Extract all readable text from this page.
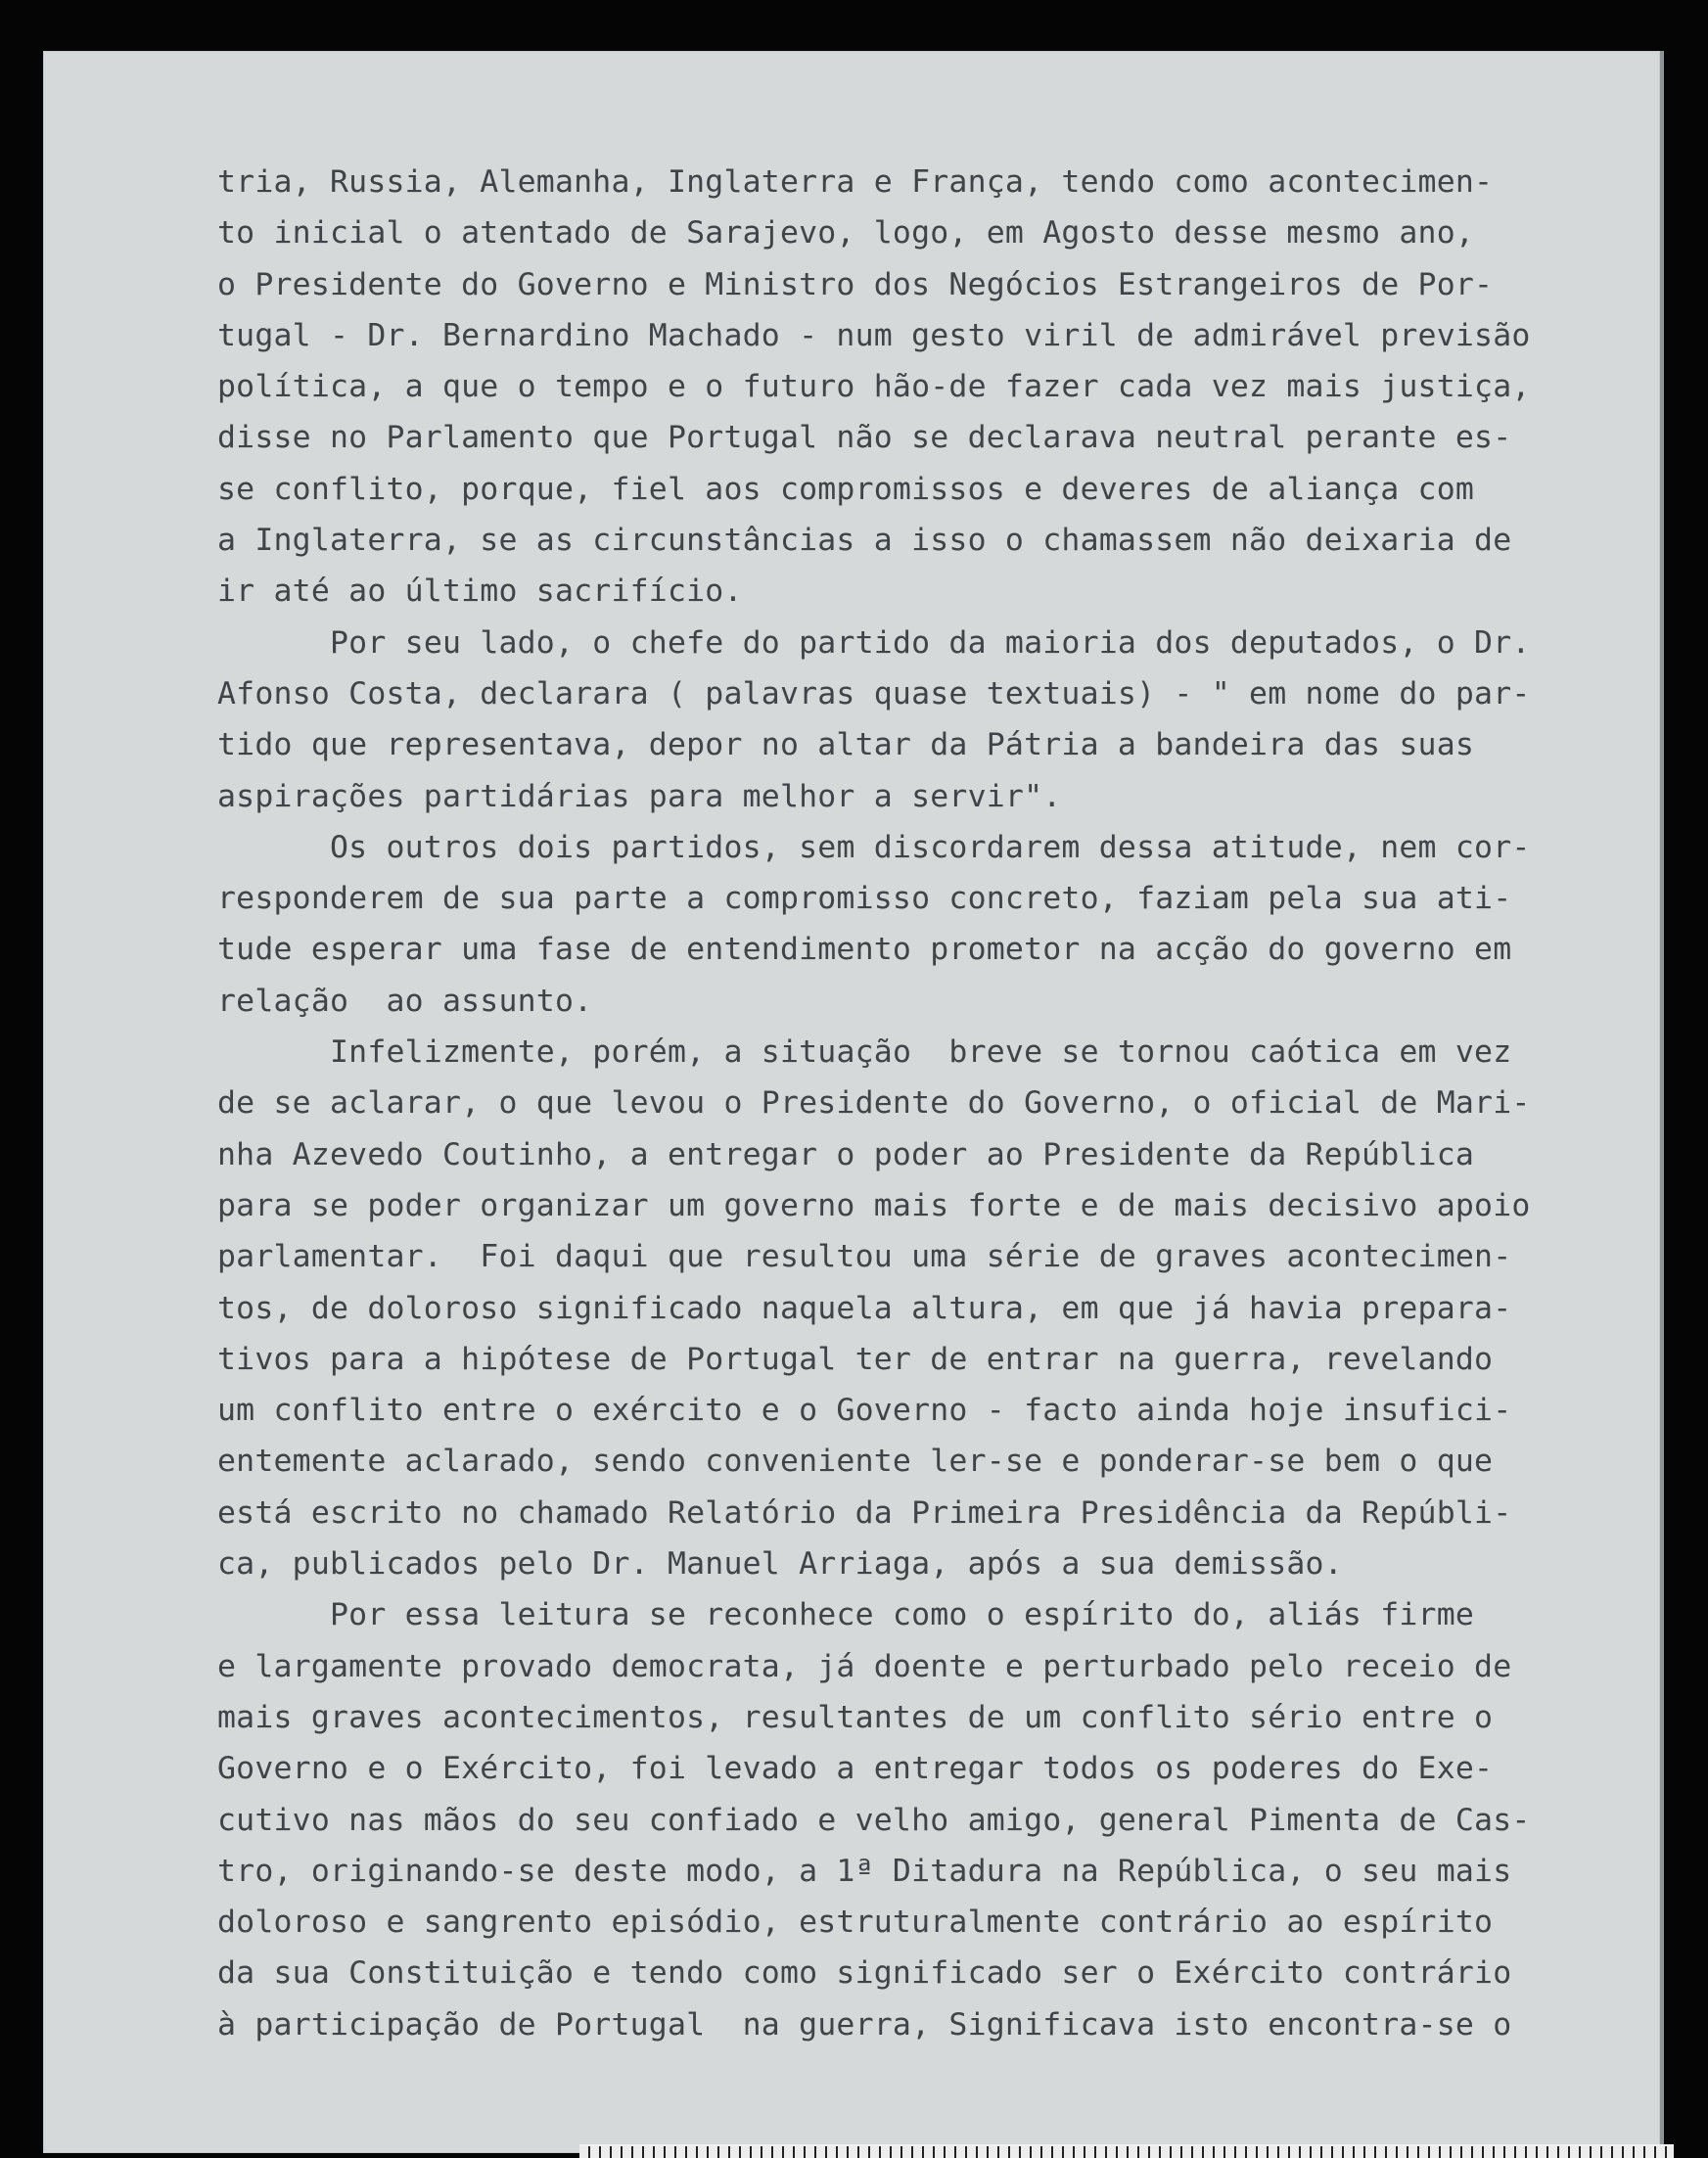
tria, Russia, Alemanha, Inglaterra e França, tendo como acontecimen-
to inicial o atentado de Sarajevo, logo, em Agosto desse mesmo ano,
o Presidente do Governo e Ministro dos Negócios Estrangeiros de Por-
tugal - Dr. Bernardino Machado - num gesto viril de admirável previsão
política, a que o tempo e o futuro hão-de fazer cada vez mais justiça,
disse no Parlamento que Portugal não se declarava neutral perante es-
se conflito, porque, fiel aos compromissos e deveres de aliança com
a Inglaterra, se as circunstâncias a isso o chamassem não deixaria de
ir até ao último sacrifício.
Por seu lado, o chefe do partido da maioria dos deputados, o Dr.
Afonso Costa, declarara ( palavras quase textuais) - " em nome do par-
tido que representava, depor no altar da Pátria a bandeira das suas
aspirações partidárias para melhor a servir".
Os outros dois partidos, sem discordarem dessa atitude, nem cor-
responderem de sua parte a compromisso concreto, faziam pela sua ati-
tude esperar uma fase de entendimento prometor na acção do governo em
relação  ao assunto.
Infelizmente, porém, a situação  breve se tornou caótica em vez
de se aclarar, o que levou o Presidente do Governo, o oficial de Mari-
nha Azevedo Coutinho, a entregar o poder ao Presidente da República
para se poder organizar um governo mais forte e de mais decisivo apoio
parlamentar.  Foi daqui que resultou uma série de graves acontecimen-
tos, de doloroso significado naquela altura, em que já havia prepara-
tivos para a hipótese de Portugal ter de entrar na guerra, revelando
um conflito entre o exército e o Governo - facto ainda hoje insufici-
entemente aclarado, sendo conveniente ler-se e ponderar-se bem o que
está escrito no chamado Relatório da Primeira Presidência da Repúbli-
ca, publicados pelo Dr. Manuel Arriaga, após a sua demissão.
Por essa leitura se reconhece como o espírito do, aliás firme
e largamente provado democrata, já doente e perturbado pelo receio de
mais graves acontecimentos, resultantes de um conflito sério entre o
Governo e o Exército, foi levado a entregar todos os poderes do Exe-
cutivo nas mãos do seu confiado e velho amigo, general Pimenta de Cas-
tro, originando-se deste modo, a 1ª Ditadura na República, o seu mais
doloroso e sangrento episódio, estruturalmente contrário ao espírito
da sua Constituição e tendo como significado ser o Exército contrário
à participação de Portugal  na guerra, Significava isto encontra-se o
